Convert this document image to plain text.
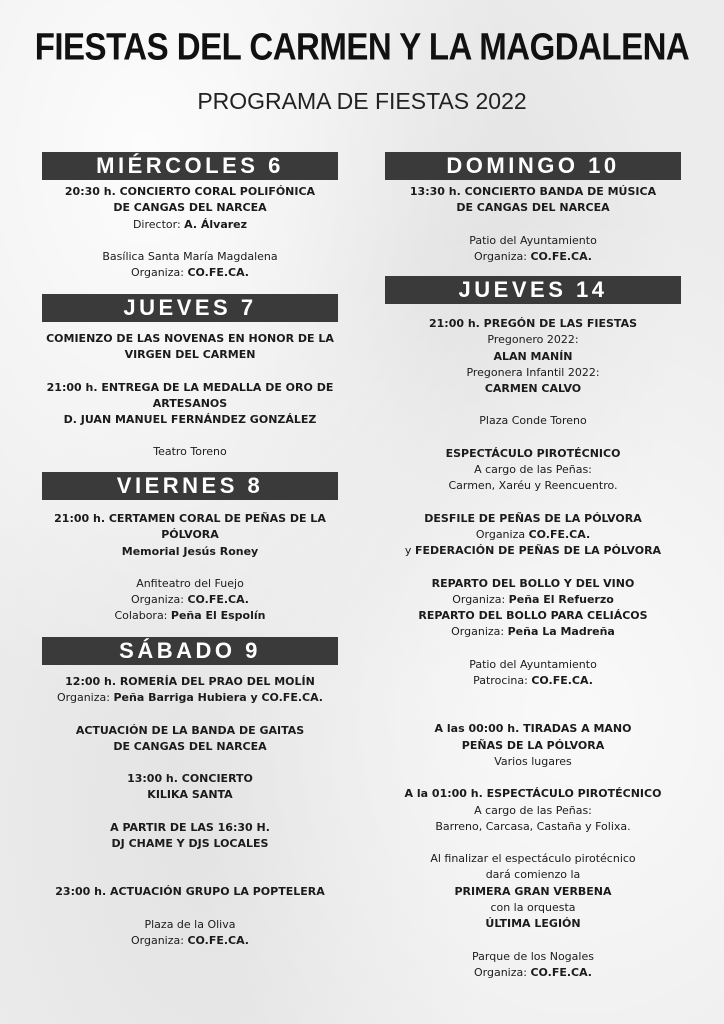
FIESTAS DEL CARMEN Y LA MAGDALENA
PROGRAMA DE FIESTAS 2022
MIÉRCOLES 6
20:30 h. CONCIERTO CORAL POLIFÓNICA
DE CANGAS DEL NARCEA
Director: A. Álvarez
Basílica Santa María Magdalena
Organiza: CO.FE.CA.
JUEVES 7
COMIENZO DE LAS NOVENAS EN HONOR DE LA
VIRGEN DEL CARMEN
21:00 h. ENTREGA DE LA MEDALLA DE ORO DE
ARTESANOS
D. JUAN MANUEL FERNÁNDEZ GONZÁLEZ
Teatro Toreno
VIERNES 8
21:00 h. CERTAMEN CORAL DE PEÑAS DE LA
PÓLVORA
Memorial Jesús Roney
Anfiteatro del Fuejo
Organiza: CO.FE.CA.
Colabora: Peña El Espolín
SÁBADO 9
12:00 h. ROMERÍA DEL PRAO DEL MOLÍN
Organiza: Peña Barriga Hubiera y CO.FE.CA.
ACTUACIÓN DE LA BANDA DE GAITAS
DE CANGAS DEL NARCEA
13:00 h. CONCIERTO
KILIKA SANTA
A PARTIR DE LAS 16:30 H.
DJ CHAME Y DJS LOCALES
23:00 h. ACTUACIÓN GRUPO LA POPTELERA
Plaza de la Oliva
Organiza: CO.FE.CA.
DOMINGO 10
13:30 h. CONCIERTO BANDA DE MÚSICA
DE CANGAS DEL NARCEA
Patio del Ayuntamiento
Organiza: CO.FE.CA.
JUEVES 14
21:00 h. PREGÓN DE LAS FIESTAS
Pregonero 2022:
ALAN MANÍN
Pregonera Infantil 2022:
CARMEN CALVO
Plaza Conde Toreno
ESPECTÁCULO PIROTÉCNICO
A cargo de las Peñas:
Carmen, Xaréu y Reencuentro.
DESFILE DE PEÑAS DE LA PÓLVORA
Organiza CO.FE.CA.
y FEDERACIÓN DE PEÑAS DE LA PÓLVORA
REPARTO DEL BOLLO Y DEL VINO
Organiza: Peña El Refuerzo
REPARTO DEL BOLLO PARA CELIÁCOS
Organiza: Peña La Madreña
Patio del Ayuntamiento
Patrocina: CO.FE.CA.
A las 00:00 h. TIRADAS A MANO
PEÑAS DE LA PÓLVORA
Varios lugares
A la 01:00 h. ESPECTÁCULO PIROTÉCNICO
A cargo de las Peñas:
Barreno, Carcasa, Castaña y Folixa.
Al finalizar el espectáculo pirotécnico
dará comienzo la
PRIMERA GRAN VERBENA
con la orquesta
ÚLTIMA LEGIÓN
Parque de los Nogales
Organiza: CO.FE.CA.
